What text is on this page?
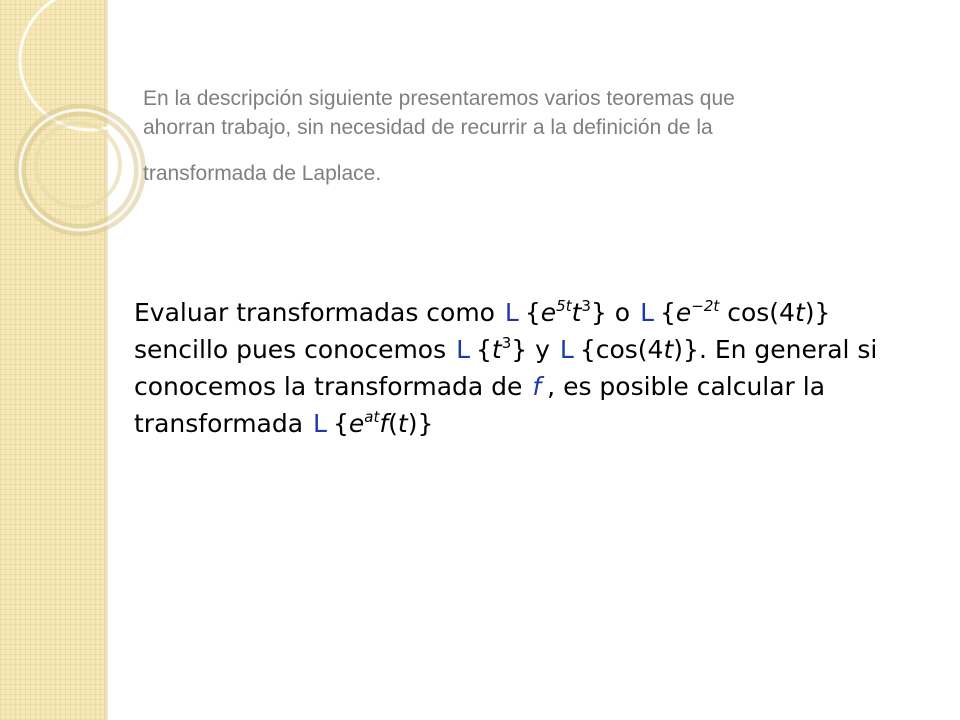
En la descripción siguiente presentaremos varios teoremas que
ahorran trabajo, sin necesidad de recurrir a la definición de la
transformada de Laplace.
Evaluar transformadas como L $\{e^{5t}t^3\}$ o L {$e^{-2t}$ cos(4t)}
sencillo pues conocemos L $\{t^3\}$ y L {cos(4t)}. En general si
conocemos la transformada de f , es posible calcular la
transformada L $\{e^{at}f(t)\}$
